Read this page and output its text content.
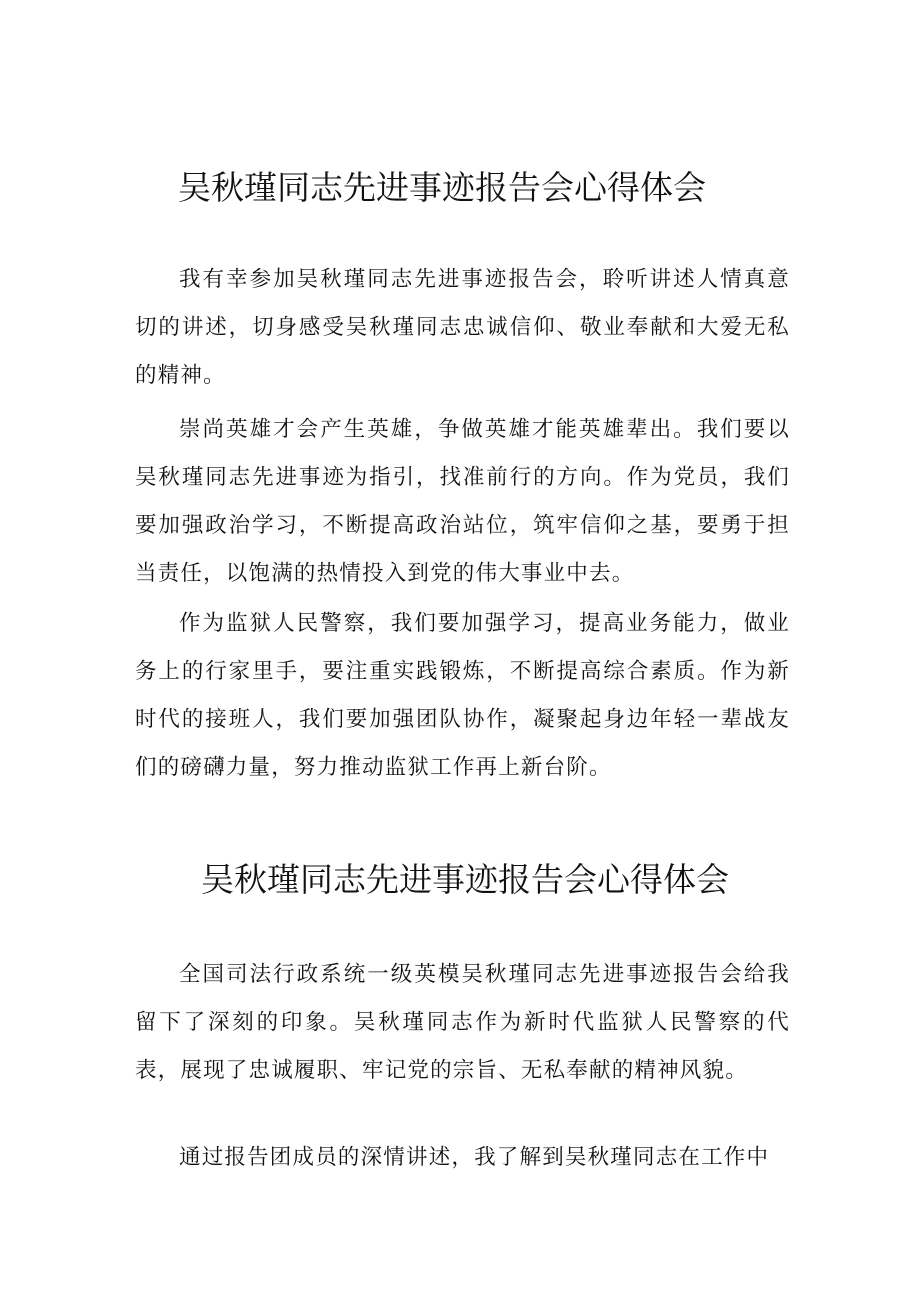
吴秋瑾同志先进事迹报告会心得体会

我有幸参加吴秋瑾同志先进事迹报告会，聆听讲述人情真意切的讲述，切身感受吴秋瑾同志忠诚信仰、敬业奉献和大爱无私的精神。

崇尚英雄才会产生英雄，争做英雄才能英雄辈出。我们要以吴秋瑾同志先进事迹为指引，找准前行的方向。作为党员，我们要加强政治学习，不断提高政治站位，筑牢信仰之基，要勇于担当责任，以饱满的热情投入到党的伟大事业中去。

作为监狱人民警察，我们要加强学习，提高业务能力，做业务上的行家里手，要注重实践锻炼，不断提高综合素质。作为新时代的接班人，我们要加强团队协作，凝聚起身边年轻一辈战友们的磅礴力量，努力推动监狱工作再上新台阶。

吴秋瑾同志先进事迹报告会心得体会

全国司法行政系统一级英模吴秋瑾同志先进事迹报告会给我留下了深刻的印象。吴秋瑾同志作为新时代监狱人民警察的代表，展现了忠诚履职、牢记党的宗旨、无私奉献的精神风貌。

通过报告团成员的深情讲述，我了解到吴秋瑾同志在工作中
